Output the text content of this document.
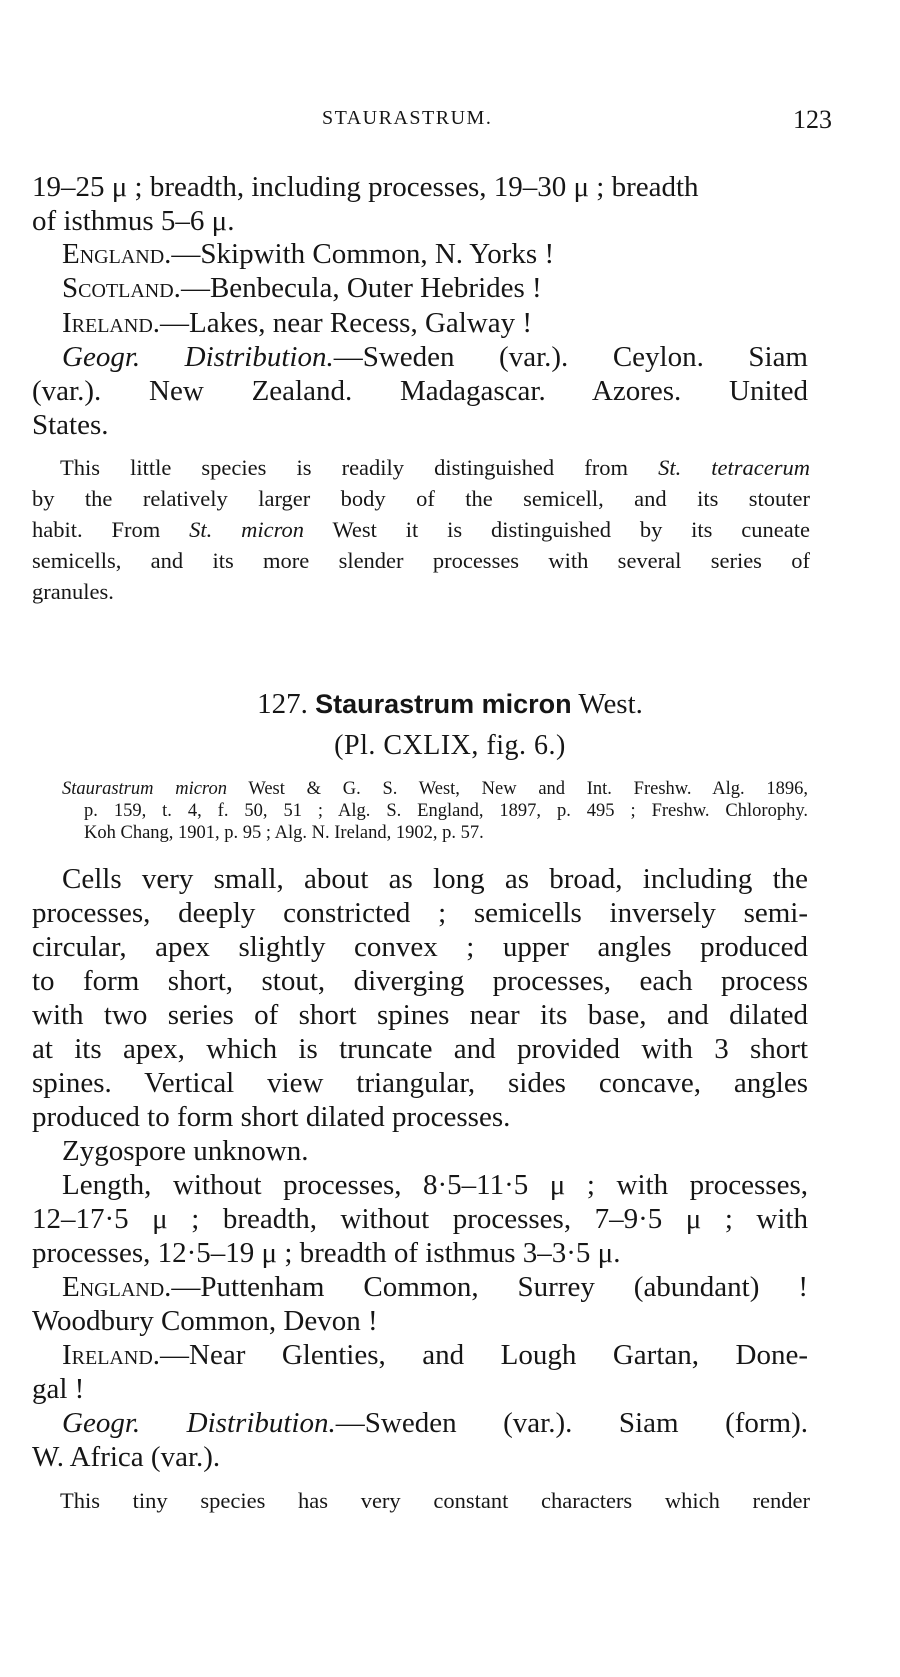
STAURASTRUM.	123
19–25 μ ; breadth, including processes, 19–30 μ ; breadth
of isthmus 5–6 μ.
England.—Skipwith Common, N. Yorks !
Scotland.—Benbecula, Outer Hebrides !
Ireland.—Lakes, near Recess, Galway !
Geogr. Distribution.—Sweden (var.). Ceylon. Siam
(var.). New Zealand. Madagascar. Azores. United
States.
This little species is readily distinguished from St. tetracerum
by the relatively larger body of the semicell, and its stouter
habit. From St. micron West it is distinguished by its cuneate
semicells, and its more slender processes with several series of
granules.
127. Staurastrum micron West.
(Pl. CXLIX, fig. 6.)
Staurastrum micron West & G. S. West, New and Int. Freshw. Alg. 1896,
p. 159, t. 4, f. 50, 51 ; Alg. S. England, 1897, p. 495 ; Freshw. Chlorophy.
Koh Chang, 1901, p. 95 ; Alg. N. Ireland, 1902, p. 57.
Cells very small, about as long as broad, including the
processes, deeply constricted ; semicells inversely semi-
circular, apex slightly convex ; upper angles produced
to form short, stout, diverging processes, each process
with two series of short spines near its base, and dilated
at its apex, which is truncate and provided with 3 short
spines. Vertical view triangular, sides concave, angles
produced to form short dilated processes.
Zygospore unknown.
Length, without processes, 8·5–11·5 μ ; with processes,
12–17·5 μ ; breadth, without processes, 7–9·5 μ ; with
processes, 12·5–19 μ ; breadth of isthmus 3–3·5 μ.
England.—Puttenham Common, Surrey (abundant) !
Woodbury Common, Devon !
Ireland.—Near Glenties, and Lough Gartan, Done-
gal !
Geogr. Distribution.—Sweden (var.). Siam (form).
W. Africa (var.).
This tiny species has very constant characters which render
